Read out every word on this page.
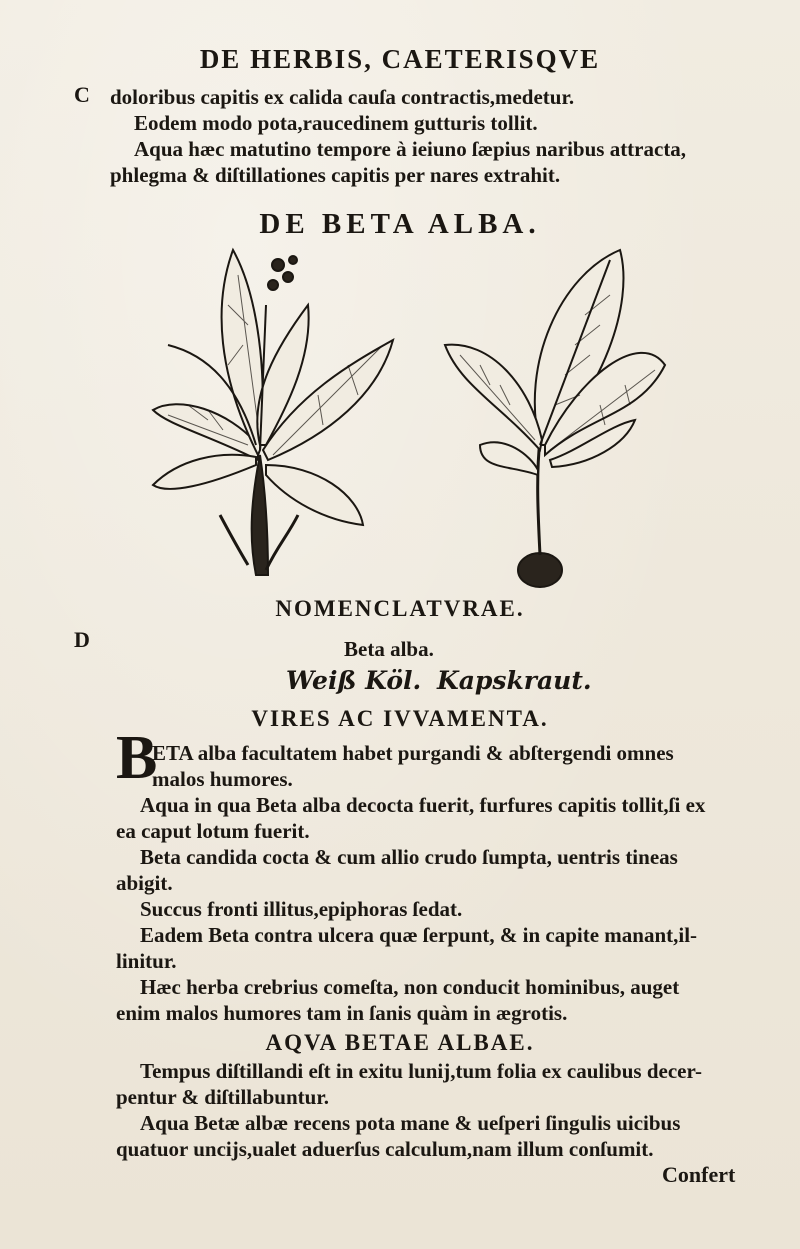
DE HERBIS, CAETERISQVE
C doloribus capitis ex calida cauſa contractis,medetur.
Eodem modo pota,raucedinem gutturis tollit.
Aqua hæc matutino tempore à ieiuno ſæpius naribus attracta,
phlegma & diſtillationes capitis per nares extrahit.
DE BETA ALBA.
NOMENCLATVRAE.
D	Beta alba.
Weiß Köl. Kapskraut.
VIRES AC IVVAMENTA.
B
ETA alba facultatem habet purgandi & abſtergendi omnes
malos humores.
Aqua in qua Beta alba decocta fuerit, furfures capitis tollit,ſi ex
ea caput lotum fuerit.
Beta candida cocta & cum allio crudo ſumpta, uentris tineas
abigit.
Succus fronti illitus,epiphoras ſedat.
Eadem Beta contra ulcera quæ ſerpunt, & in capite manant,il-
linitur.
Hæc herba crebrius comeſta, non conducit hominibus, auget
enim malos humores tam in ſanis quàm in ægrotis.
AQVA BETAE ALBAE.
Tempus diſtillandi eſt in exitu lunij,tum folia ex caulibus decer-
pentur & diſtillabuntur.
Aqua Betæ albæ recens pota mane & ueſperi ſingulis uicibus
quatuor uncijs,ualet aduerſus calculum,nam illum conſumit.
Confert
